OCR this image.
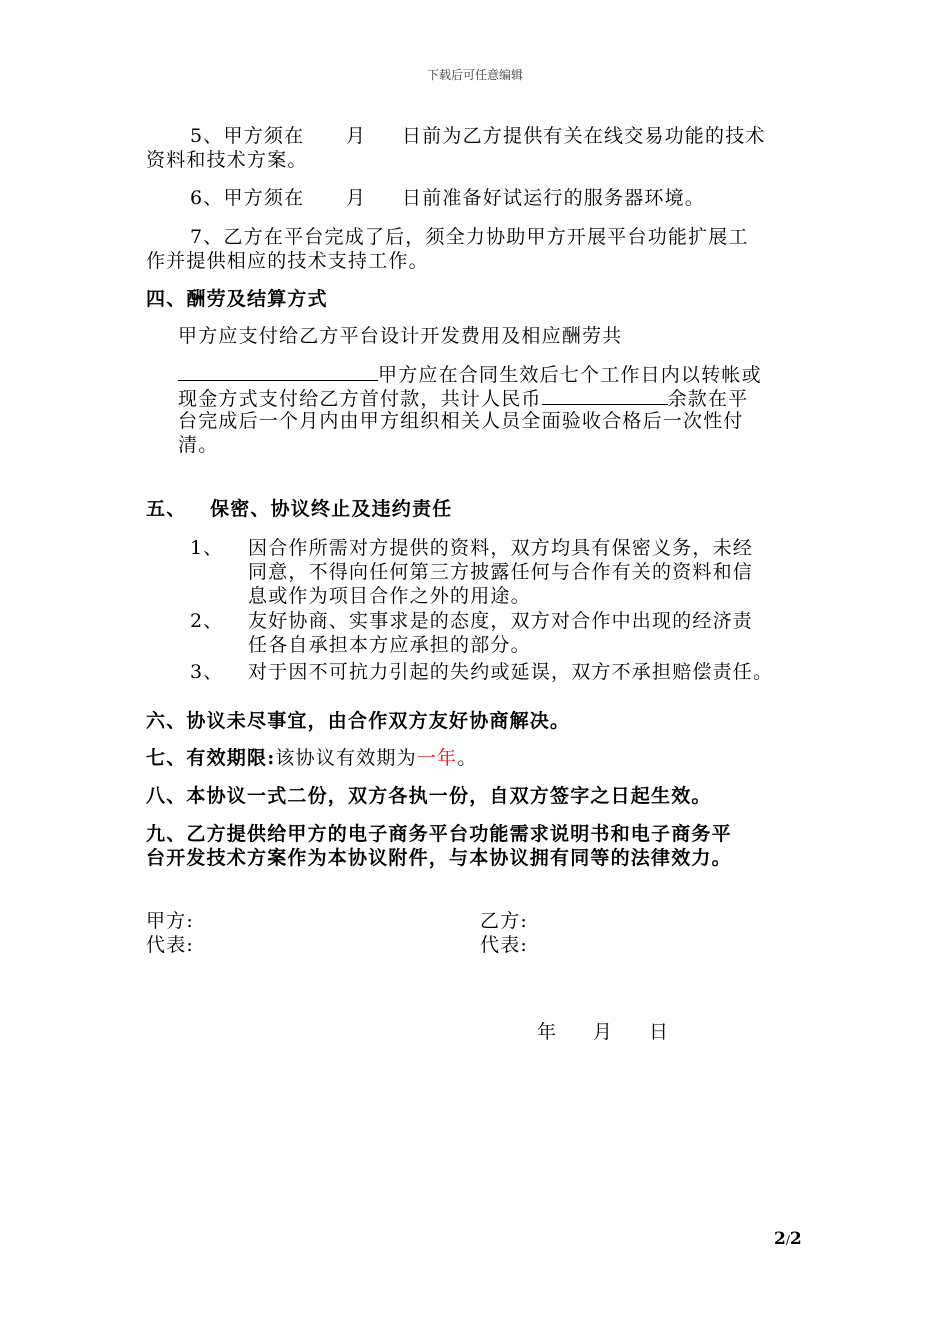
下载后可任意编辑
5、甲方须在 月 日前为乙方提供有关在线交易功能的技术
资料和技术方案。
6、甲方须在 月 日前准备好试运行的服务器环境。
7、乙方在平台完成了后，须全力协助甲方开展平台功能扩展工
作并提供相应的技术支持工作。
四、酬劳及结算方式
甲方应支付给乙方平台设计开发费用及相应酬劳共
甲方应在合同生效后七个工作日内以转帐或
现金方式支付给乙方首付款，共计人民币	余款在平
台完成后一个月内由甲方组织相关人员全面验收合格后一次性付
清。
五、 保密、协议终止及违约责任
1、 因合作所需对方提供的资料，双方均具有保密义务，未经
同意，不得向任何第三方披露任何与合作有关的资料和信
息或作为项目合作之外的用途。
2、 友好协商、实事求是的态度，双方对合作中出现的经济责
任各自承担本方应承担的部分。
3、 对于因不可抗力引起的失约或延误，双方不承担赔偿责任。
六、协议未尽事宜，由合作双方友好协商解决。
七、有效期限:该协议有效期为一年。
八、本协议一式二份，双方各执一份，自双方签字之日起生效。
九、乙方提供给甲方的电子商务平台功能需求说明书和电子商务平
台开发技术方案作为本协议附件，与本协议拥有同等的法律效力。
甲方:
代表:
乙方:
代表:
年 月 日
2/2
